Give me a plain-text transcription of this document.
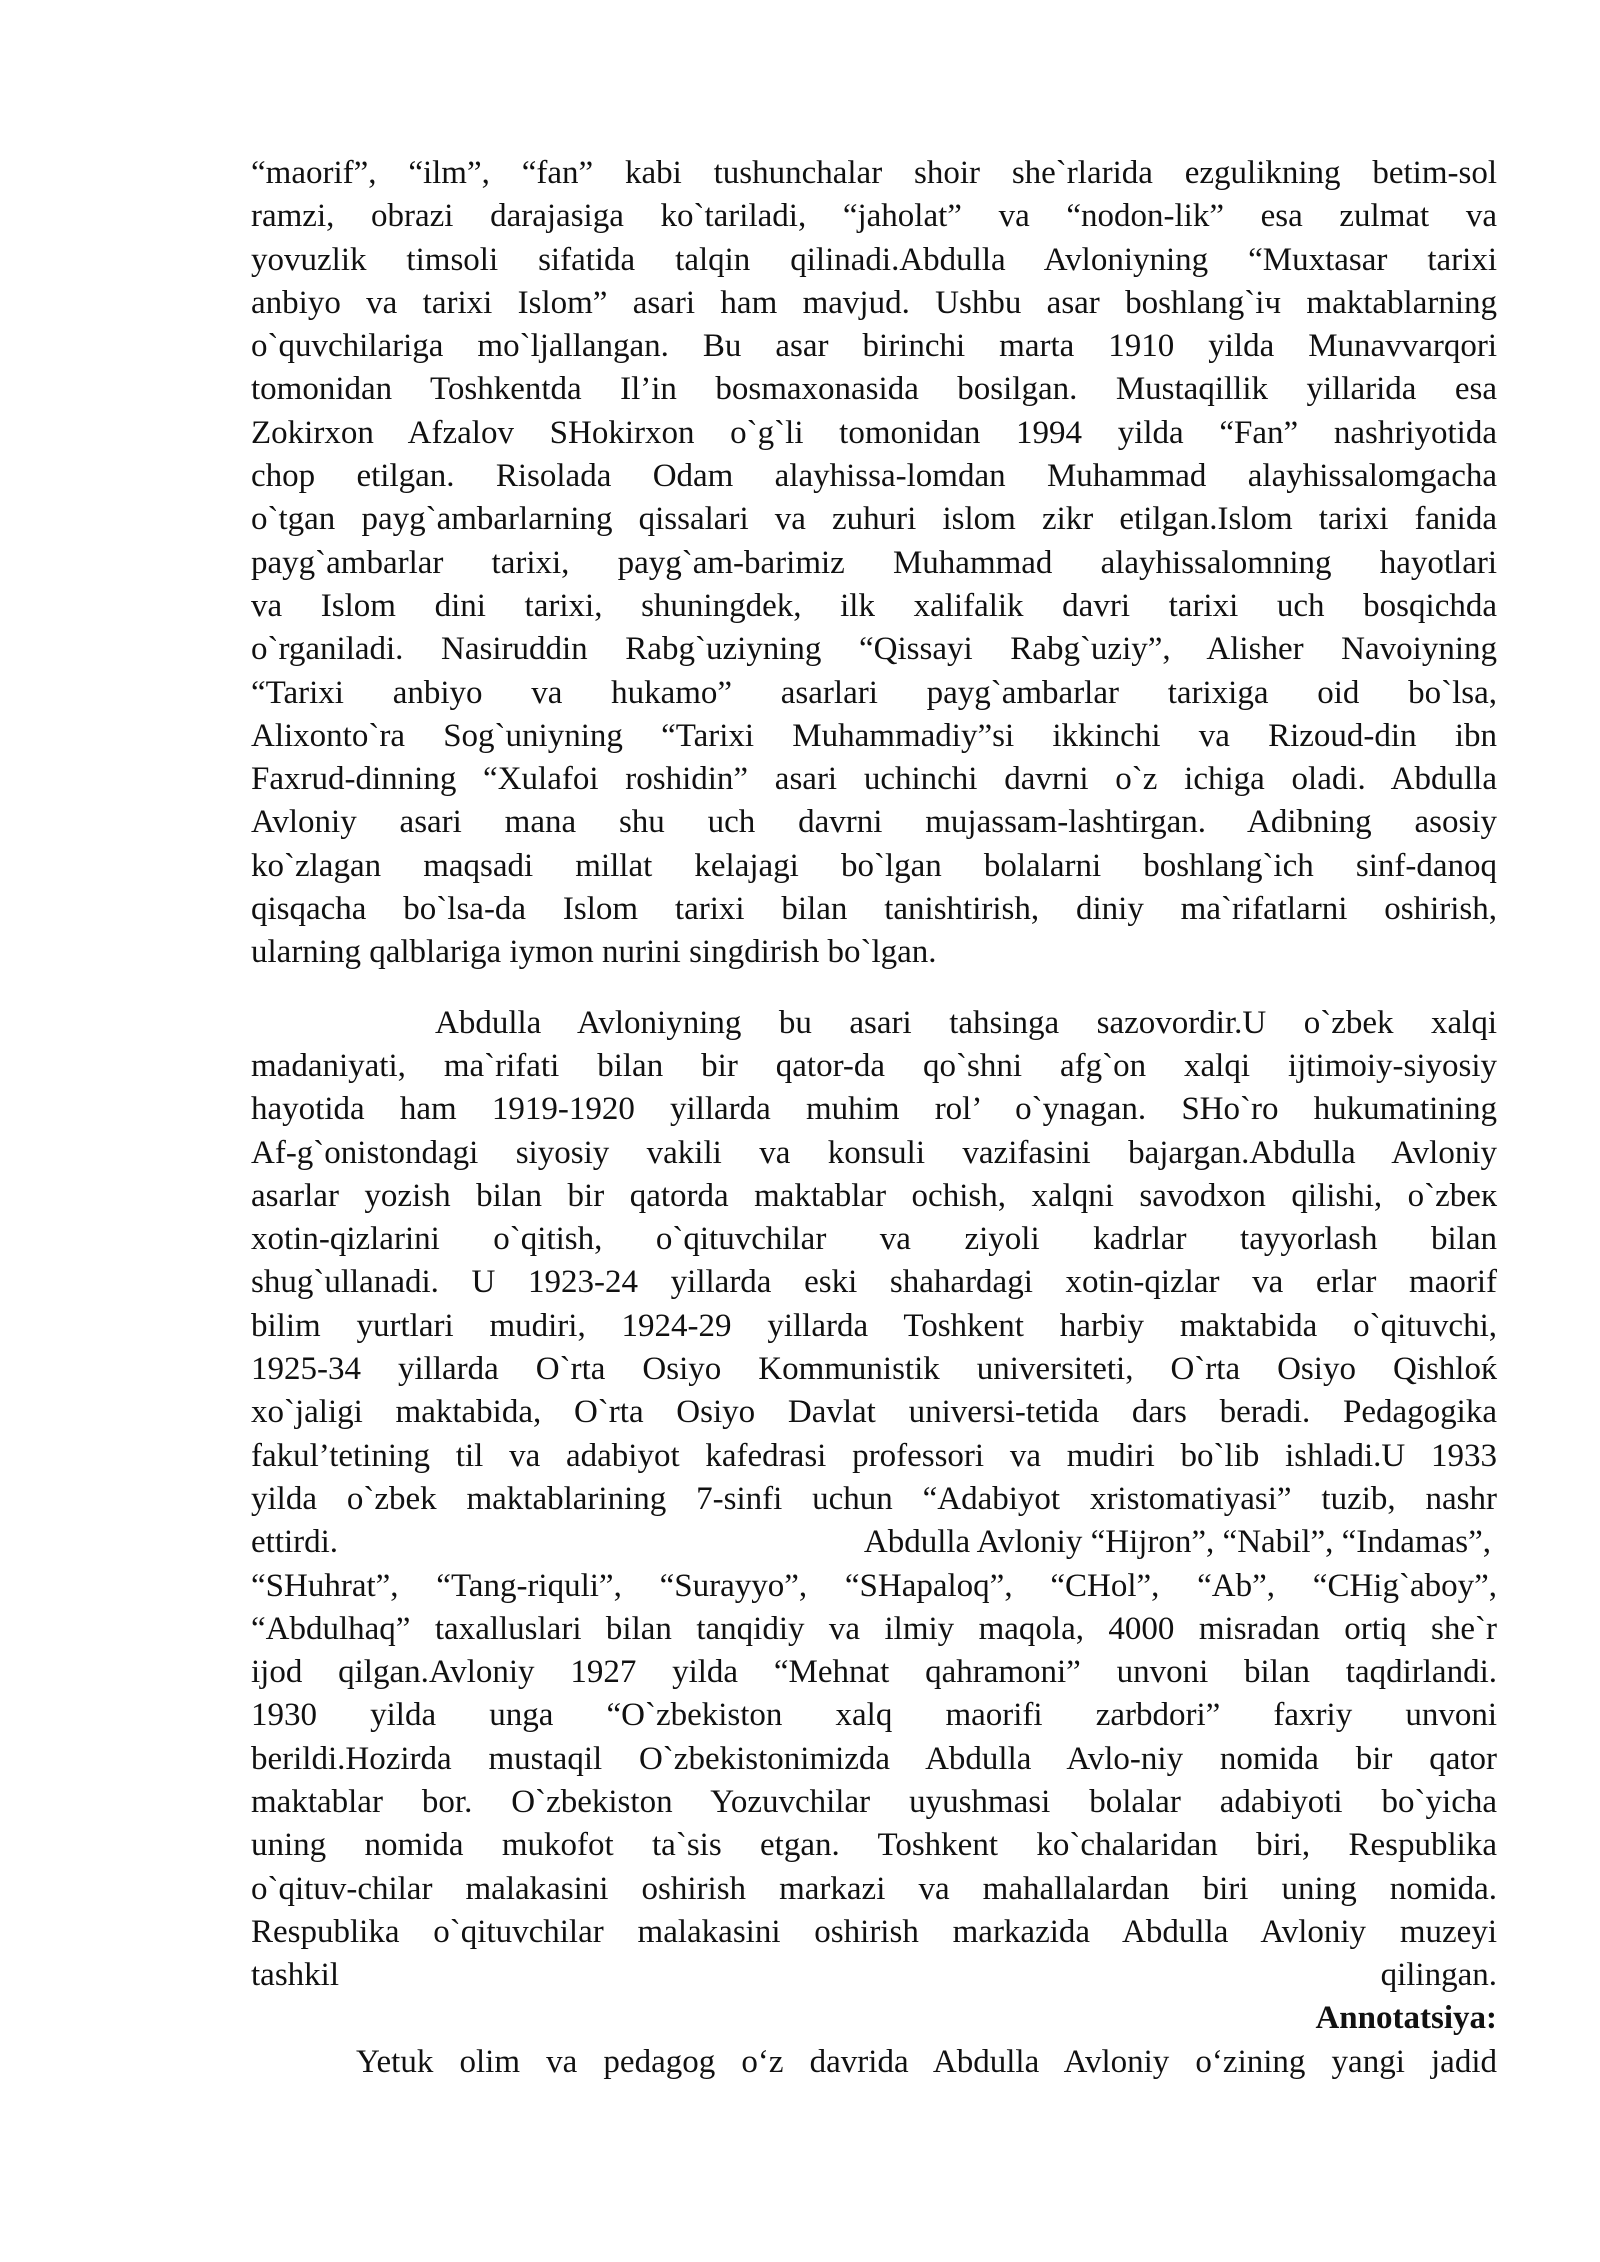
“maorif”, “ilm”, “fan” kabi tushunchalar shoir she`rlarida ezgulikning betim-sol
ramzi, obrazi darajasiga ko`tariladi, “jaholat” va “nodon-lik” esa zulmat va
yovuzlik timsoli sifatida talqin qilinadi.Abdulla Avloniyning “Muxtasar tarixi
anbiyo va tarixi Islom” asari ham mavjud. Ushbu asar boshlang`iч maktablarning
o`quvchilariga mo`ljallangan. Bu asar birinchi marta 1910 yilda Munavvarqori
tomonidan Toshkentda Il’in bosmaxonasida bosilgan. Mustaqillik yillarida esa
Zokirxon Afzalov SHokirxon o`g`li tomonidan 1994 yilda “Fan” nashriyotida
chop etilgan. Risolada Odam alayhissa-lomdan Muhammad alayhissalomgacha
o`tgan payg`ambarlarning qissalari va zuhuri islom zikr etilgan.Islom tarixi fanida
payg`ambarlar tarixi, payg`am-barimiz Muhammad alayhissalomning hayotlari
va Islom dini tarixi, shuningdek, ilk xalifalik davri tarixi uch bosqichda
o`rganiladi. Nasiruddin Rabg`uziyning “Qissayi Rabg`uziy”, Alisher Navoiyning
“Tarixi anbiyo va hukamo” asarlari payg`ambarlar tarixiga oid bo`lsa,
Alixonto`ra Sog`uniyning “Tarixi Muhammadiy”si ikkinchi va Rizoud-din ibn
Faxrud-dinning “Xulafoi roshidin” asari uchinchi davrni o`z ichiga oladi. Abdulla
Avloniy asari mana shu uch davrni mujassam-lashtirgan. Adibning asosiy
ko`zlagan maqsadi millat kelajagi bo`lgan bolalarni boshlang`ich sinf-danoq
qisqacha bo`lsa-da Islom tarixi bilan tanishtirish, diniy ma`rifatlarni oshirish,
ularning qalblariga iymon nurini singdirish bo`lgan.
Abdulla Avloniyning bu asari tahsinga sazovordir.U o`zbek xalqi
madaniyati, ma`rifati bilan bir qator-da qo`shni afg`on xalqi ijtimoiy-siyosiy
hayotida ham 1919-1920 yillarda muhim rol’ o`ynagan. SHo`ro hukumatining
Af-g`onistondagi siyosiy vakili va konsuli vazifasini bajargan.Abdulla Avloniy
asarlar yozish bilan bir qatorda maktablar ochish, xalqni savodxon qilishi, o`zbeк
xotin-qizlarini o`qitish, o`qituvchilar va ziyoli kadrlar tayyorlash bilan
shug`ullanadi. U 1923-24 yillarda eski shahardagi xotin-qizlar va erlar maorif
bilim yurtlari mudiri, 1924-29 yillarda Toshkent harbiy maktabida o`qituvchi,
1925-34 yillarda O`rta Osiyo Kommunistik universiteti, O`rta Osiyo Qishloќ
xo`jaligi maktabida, O`rta Osiyo Davlat universi-tetida dars beradi. Pedagogika
fakul’tetining til va adabiyot kafedrasi professori va mudiri bo`lib ishladi.U 1933
yilda o`zbek maktablarining 7-sinfi uchun “Adabiyot xristomatiyasi” tuzib, nashr
ettirdi.	Abdulla Avloniy “Hijron”, “Nabil”, “Indamas”,
“SHuhrat”, “Tang-riquli”, “Surayyo”, “SHapaloq”, “CHol”, “Ab”, “CHig`aboy”,
“Abdulhaq” taxalluslari bilan tanqidiy va ilmiy maqola, 4000 misradan ortiq she`r
ijod qilgan.Avloniy 1927 yilda “Mehnat qahramoni” unvoni bilan taqdirlandi.
1930 yilda unga “O`zbekiston xalq maorifi zarbdori” faxriy unvoni
berildi.Hozirda mustaqil O`zbekistonimizda Abdulla Avlo-niy nomida bir qator
maktablar bor. O`zbekiston Yozuvchilar uyushmasi bolalar adabiyoti bo`yicha
uning nomida mukofot ta`sis etgan. Toshkent ko`chalaridan biri, Respublika
o`qituv-chilar malakasini oshirish markazi va mahallalardan biri uning nomida.
Respublika o`qituvchilar malakasini oshirish markazida Abdulla Avloniy muzeyi
tashkil	qilingan.
Annotatsiya:
Yetuk olim va pedagog o‘z davrida Abdulla Avloniy o‘zining yangi jadid
